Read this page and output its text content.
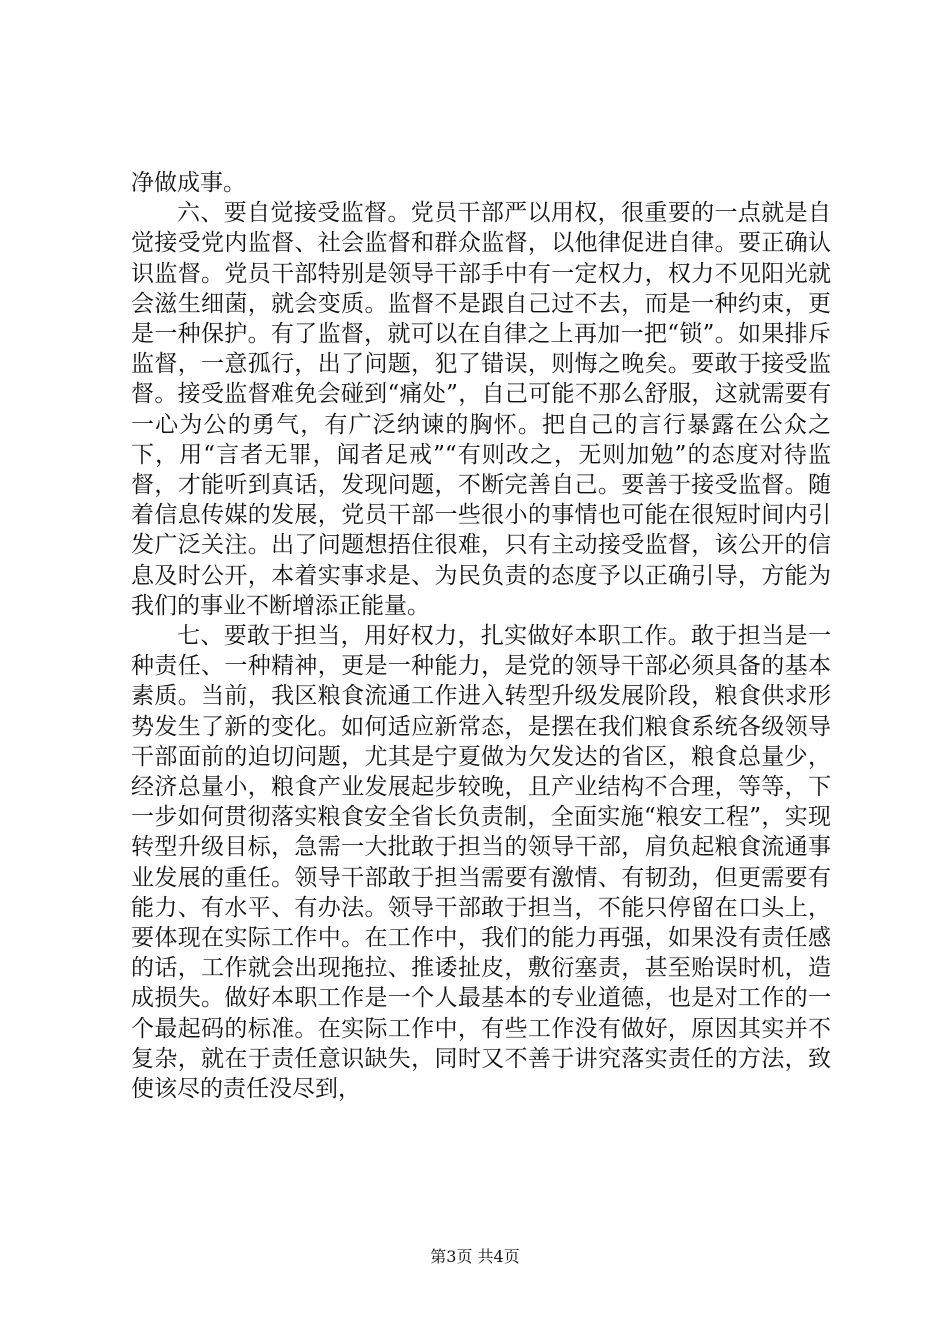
净做成事。

六、要自觉接受监督。党员干部严以用权，很重要的一点就是自觉接受党内监督、社会监督和群众监督，以他律促进自律。要正确认识监督。党员干部特别是领导干部手中有一定权力，权力不见阳光就会滋生细菌，就会变质。监督不是跟自己过不去，而是一种约束，更是一种保护。有了监督，就可以在自律之上再加一把“锁”。如果排斥监督，一意孤行，出了问题，犯了错误，则悔之晚矣。要敢于接受监督。接受监督难免会碰到“痛处”，自己可能不那么舒服，这就需要有一心为公的勇气，有广泛纳谏的胸怀。把自己的言行暴露在公众之下，用“言者无罪，闻者足戒”“有则改之，无则加勉”的态度对待监督，才能听到真话，发现问题，不断完善自己。要善于接受监督。随着信息传媒的发展，党员干部一些很小的事情也可能在很短时间内引发广泛关注。出了问题想捂住很难，只有主动接受监督，该公开的信息及时公开，本着实事求是、为民负责的态度予以正确引导，方能为我们的事业不断增添正能量。

七、要敢于担当，用好权力，扎实做好本职工作。敢于担当是一种责任、一种精神，更是一种能力，是党的领导干部必须具备的基本素质。当前，我区粮食流通工作进入转型升级发展阶段，粮食供求形势发生了新的变化。如何适应新常态，是摆在我们粮食系统各级领导干部面前的迫切问题，尤其是宁夏做为欠发达的省区，粮食总量少，经济总量小，粮食产业发展起步较晚，且产业结构不合理，等等，下一步如何贯彻落实粮食安全省长负责制，全面实施“粮安工程”，实现转型升级目标，急需一大批敢于担当的领导干部，肩负起粮食流通事业发展的重任。领导干部敢于担当需要有激情、有韧劲，但更需要有能力、有水平、有办法。领导干部敢于担当，不能只停留在口头上，要体现在实际工作中。在工作中，我们的能力再强，如果没有责任感的话，工作就会出现拖拉、推诿扯皮，敷衍塞责，甚至贻误时机，造成损失。做好本职工作是一个人最基本的专业道德，也是对工作的一个最起码的标准。在实际工作中，有些工作没有做好，原因其实并不复杂，就在于责任意识缺失，同时又不善于讲究落实责任的方法，致使该尽的责任没尽到，

第3页 共4页
